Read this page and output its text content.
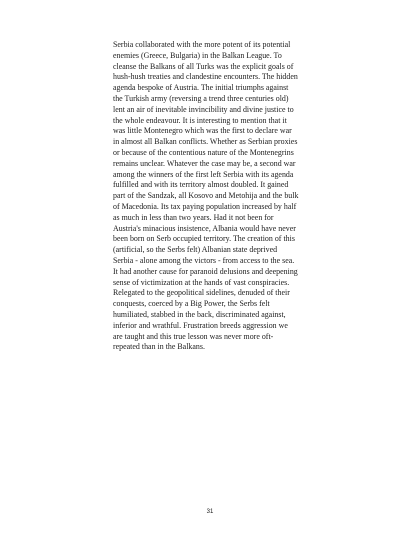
Serbia collaborated with the more potent of its potential
enemies (Greece, Bulgaria) in the Balkan League. To
cleanse the Balkans of all Turks was the explicit goals of
hush-hush treaties and clandestine encounters. The hidden
agenda bespoke of Austria. The initial triumphs against
the Turkish army (reversing a trend three centuries old)
lent an air of inevitable invincibility and divine justice to
the whole endeavour. It is interesting to mention that it
was little Montenegro which was the first to declare war
in almost all Balkan conflicts. Whether as Serbian proxies
or because of the contentious nature of the Montenegrins
remains unclear. Whatever the case may be, a second war
among the winners of the first left Serbia with its agenda
fulfilled and with its territory almost doubled. It gained
part of the Sandzak, all Kosovo and Metohija and the bulk
of Macedonia. Its tax paying population increased by half
as much in less than two years. Had it not been for
Austria's minacious insistence, Albania would have never
been born on Serb occupied territory. The creation of this
(artificial, so the Serbs felt) Albanian state deprived
Serbia - alone among the victors - from access to the sea.
It had another cause for paranoid delusions and deepening
sense of victimization at the hands of vast conspiracies.
Relegated to the geopolitical sidelines, denuded of their
conquests, coerced by a Big Power, the Serbs felt
humiliated, stabbed in the back, discriminated against,
inferior and wrathful. Frustration breeds aggression we
are taught and this true lesson was never more oft-
repeated than in the Balkans.

31
